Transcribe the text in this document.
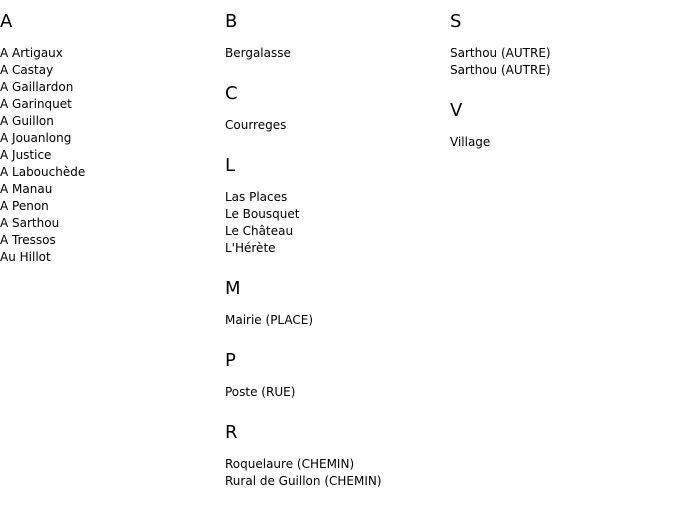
A
A Artigaux
A Castay
A Gaillardon
A Garinquet
A Guillon
A Jouanlong
A Justice
A Labouchède
A Manau
A Penon
A Sarthou
A Tressos
Au Hillot
B
Bergalasse
C
Courreges
L
Las Places
Le Bousquet
Le Château
L'Hérète
M
Mairie (PLACE)
P
Poste (RUE)
R
Roquelaure (CHEMIN)
Rural de Guillon (CHEMIN)
S
Sarthou (AUTRE)
Sarthou (AUTRE)
V
Village
